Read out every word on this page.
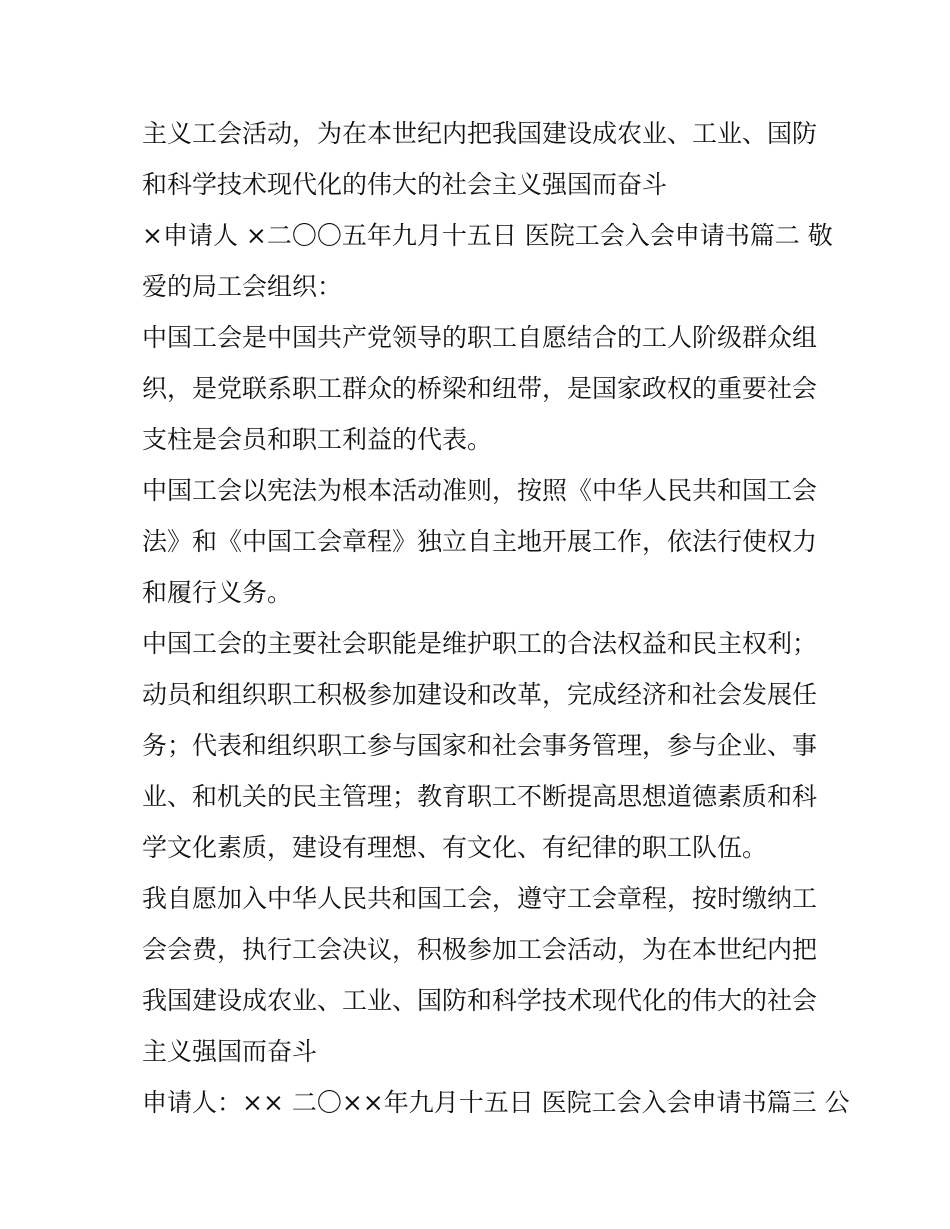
主义工会活动，为在本世纪内把我国建设成农业、工业、国防
和科学技术现代化的伟大的社会主义强国而奋斗
×申请人 ×二〇〇五年九月十五日 医院工会入会申请书篇二 敬
爱的局工会组织：
中国工会是中国共产党领导的职工自愿结合的工人阶级群众组
织，是党联系职工群众的桥梁和纽带，是国家政权的重要社会
支柱是会员和职工利益的代表。
中国工会以宪法为根本活动准则，按照《中华人民共和国工会
法》和《中国工会章程》独立自主地开展工作，依法行使权力
和履行义务。
中国工会的主要社会职能是维护职工的合法权益和民主权利；
动员和组织职工积极参加建设和改革，完成经济和社会发展任
务；代表和组织职工参与国家和社会事务管理，参与企业、事
业、和机关的民主管理；教育职工不断提高思想道德素质和科
学文化素质，建设有理想、有文化、有纪律的职工队伍。
我自愿加入中华人民共和国工会，遵守工会章程，按时缴纳工
会会费，执行工会决议，积极参加工会活动，为在本世纪内把
我国建设成农业、工业、国防和科学技术现代化的伟大的社会
主义强国而奋斗
申请人：×× 二〇××年九月十五日 医院工会入会申请书篇三 公
